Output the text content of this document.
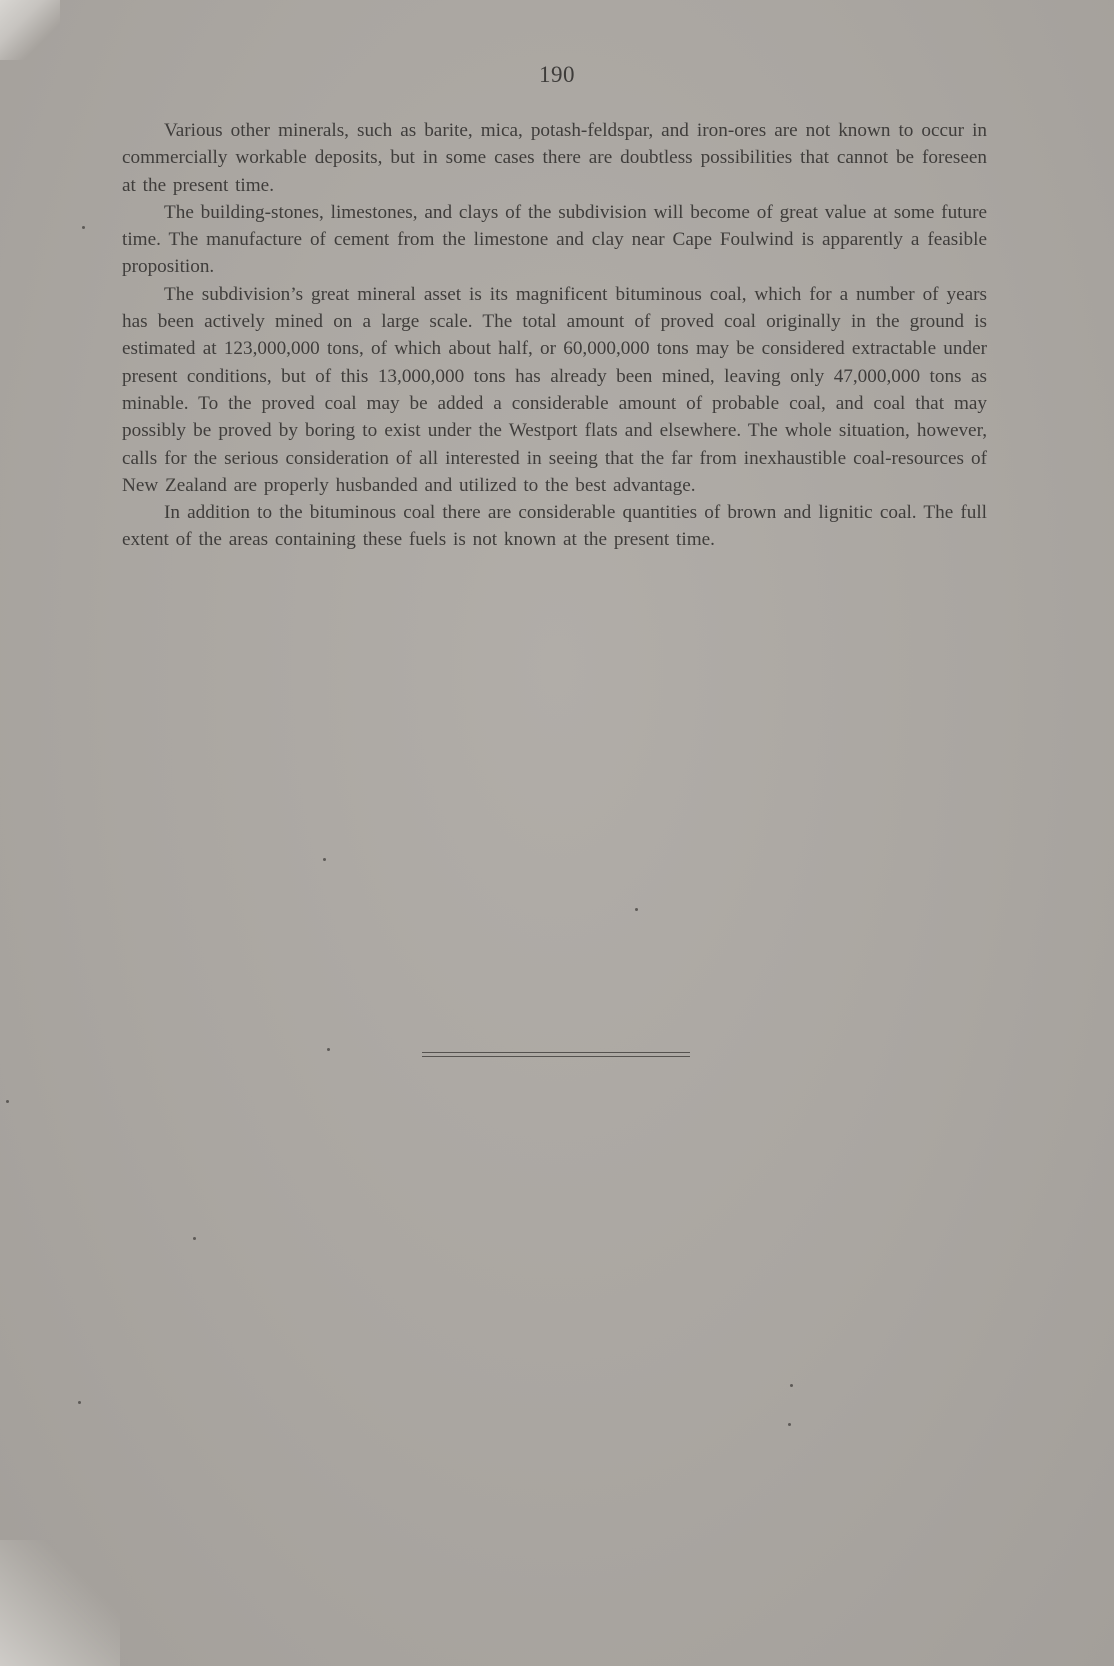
190

Various other minerals, such as barite, mica, potash-feldspar, and iron-ores are not known to occur in commercially workable deposits, but in some cases there are doubtless possibilities that cannot be foreseen at the present time.

The building-stones, limestones, and clays of the subdivision will become of great value at some future time. The manufacture of cement from the limestone and clay near Cape Foulwind is apparently a feasible proposition.

The subdivision’s great mineral asset is its magnificent bituminous coal, which for a number of years has been actively mined on a large scale. The total amount of proved coal originally in the ground is estimated at 123,000,000 tons, of which about half, or 60,000,000 tons may be considered extractable under present conditions, but of this 13,000,000 tons has already been mined, leaving only 47,000,000 tons as minable. To the proved coal may be added a considerable amount of probable coal, and coal that may possibly be proved by boring to exist under the Westport flats and elsewhere. The whole situation, however, calls for the serious consideration of all interested in seeing that the far from inexhaustible coal-resources of New Zealand are properly husbanded and utilized to the best advantage.

In addition to the bituminous coal there are considerable quantities of brown and lignitic coal. The full extent of the areas containing these fuels is not known at the present time.
